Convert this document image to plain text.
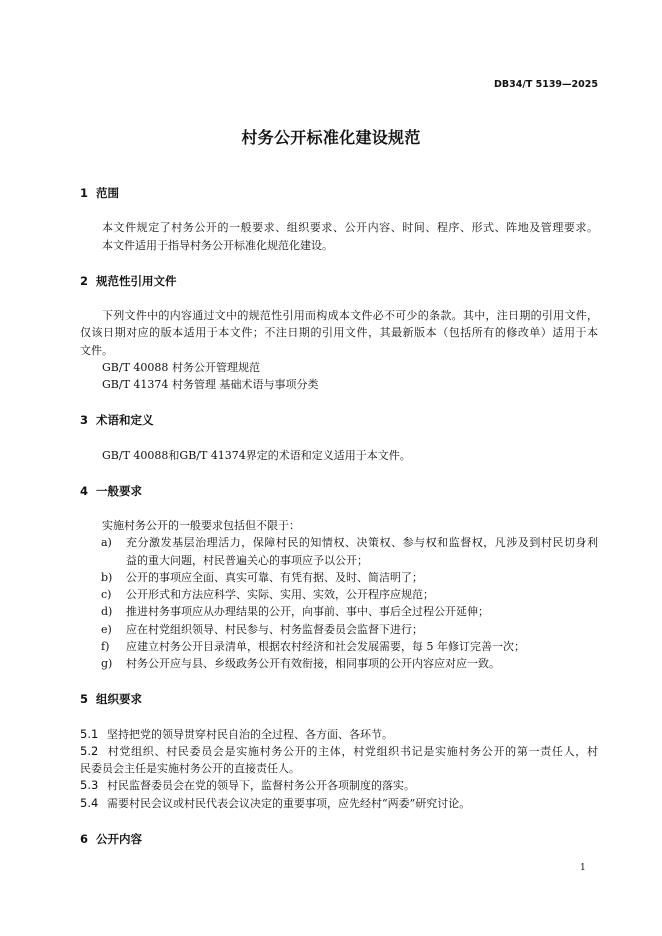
DB34/T 5139—2025
村务公开标准化建设规范
1 范围
本文件规定了村务公开的一般要求、组织要求、公开内容、时间、程序、形式、阵地及管理要求。
本文件适用于指导村务公开标准化规范化建设。
2 规范性引用文件
下列文件中的内容通过文中的规范性引用而构成本文件必不可少的条款。其中，注日期的引用文件，
仅该日期对应的版本适用于本文件；不注日期的引用文件，其最新版本（包括所有的修改单）适用于本
文件。
GB/T 40088 村务公开管理规范
GB/T 41374 村务管理 基础术语与事项分类
3 术语和定义
GB/T 40088和GB/T 41374界定的术语和定义适用于本文件。
4 一般要求
实施村务公开的一般要求包括但不限于：
a) 充分激发基层治理活力，保障村民的知情权、决策权、参与权和监督权，凡涉及到村民切身利
益的重大问题，村民普遍关心的事项应予以公开；
b) 公开的事项应全面、真实可靠、有凭有据、及时、简洁明了；
c) 公开形式和方法应科学、实际、实用、实效，公开程序应规范；
d) 推进村务事项应从办理结果的公开，向事前、事中、事后全过程公开延伸；
e) 应在村党组织领导、村民参与、村务监督委员会监督下进行；
f) 应建立村务公开目录清单，根据农村经济和社会发展需要，每 5 年修订完善一次；
g) 村务公开应与县、乡级政务公开有效衔接，相同事项的公开内容应对应一致。
5 组织要求
5.1 坚持把党的领导贯穿村民自治的全过程、各方面、各环节。
5.2 村党组织、村民委员会是实施村务公开的主体，村党组织书记是实施村务公开的第一责任人，村
民委员会主任是实施村务公开的直接责任人。
5.3 村民监督委员会在党的领导下，监督村务公开各项制度的落实。
5.4 需要村民会议或村民代表会议决定的重要事项，应先经村“两委”研究讨论。
6 公开内容
1
